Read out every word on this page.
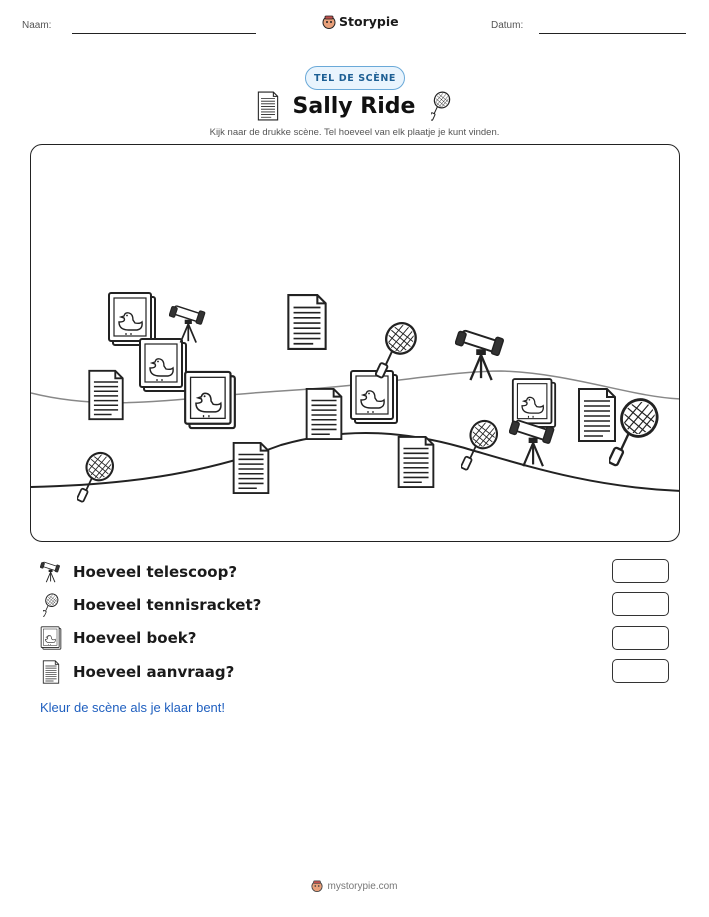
Naam:	Storypie	Datum:
TEL DE SCÈNE
Sally Ride
Kijk naar de drukke scène. Tel hoeveel van elk plaatje je kunt vinden.
Hoeveel telescoop?
Hoeveel tennisracket?
Hoeveel boek?
Hoeveel aanvraag?
Kleur de scène als je klaar bent!
mystorypie.com
